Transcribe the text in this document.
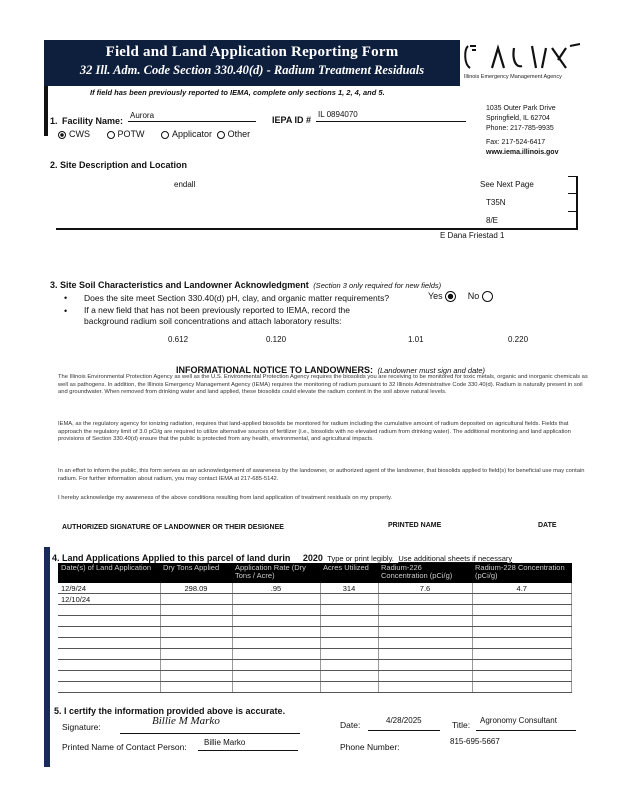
Field and Land Application Reporting Form
32 Ill. Adm. Code Section 330.40(d) - Radium Treatment Residuals	Illinois Emergency Management Agency
If field has been previously reported to IEMA, complete only sections 1, 2, 4, and 5.
1035 Outer Park Drive
Springfield, IL 62704
Phone: 217-785-9935
Fax: 217-524-6417
www.iema.illinois.gov
1. Facility Name:
Aurora	IEPA ID #
IL 0894070
CWS	POTW	Applicator Other
2. Site Description and Location
endall	See Next Page
T35N
8/E
E Dana Friestad 1
3. Site Soil Characteristics and Landowner Acknowledgment (Section 3 only required for new fields)
• Does the site meet Section 330.40(d) pH, clay, and organic matter requirements?	Yes	No
• If a new field that has not been previously reported to IEMA, record the
background radium soil concentrations and attach laboratory results:
0.612	0.120	1.01	0.220
INFORMATIONAL NOTICE TO LANDOWNERS: (Landowner must sign and date)
The Illinois Environmental Protection Agency as well as the U.S. Environmental Protection Agency requires the biosolids you are receiving to be monitored for toxic metals, organic and inorganic chemicals as well as pathogens. In addition, the Illinois Emergency Management Agency (IEMA) requires the monitoring of radium pursuant to 32 Illinois Administrative Code 330.40(d). Radium is naturally present in soil and groundwater. When removed from drinking water and land applied, these biosolids could elevate the radium content in the soil above natural levels.
IEMA, as the regulatory agency for ionizing radiation, requires that land-applied biosolids be monitored for radium including the cumulative amount of radium deposited on agricultural fields. Fields that approach the regulatory limit of 3.0 pCi/g are required to utilize alternative sources of fertilizer (i.e., biosolids with no elevated radium from drinking water). The additional monitoring and land application provisions of Section 330.40(d) ensure that the public is protected from any health, environmental, and agricultural impacts.
In an effort to inform the public, this form serves as an acknowledgement of awareness by the landowner, or authorized agent of the landowner, that biosolids applied to field(s) for beneficial use may contain radium. For further information about radium, you may contact IEMA at 217-685-5142.
I hereby acknowledge my awareness of the above conditions resulting from land application of treatment residuals on my property.
AUTHORIZED SIGNATURE OF LANDOWNER OR THEIR DESIGNEE	PRINTED NAME	DATE
4. Land Applications Applied to this parcel of land durin 2020 Type or print legibly. Use additional sheets if necessary
Date(s) of Land Application	Dry Tons Applied	Application Rate (Dry Tons / Acre)	Acres Utilized	Radium-226 Concentration (pCi/g)	Radium-228 Concentration (pCi/g)
12/9/24	298.09	.95	314	7.6	4.7
12/10/24					

5. I certify the information provided above is accurate.
Signature:	Billie M Marko	Date:	4/28/2025	Title: Agronomy Consultant
Printed Name of Contact Person: Billie Marko	Phone Number:
815-695-5667
